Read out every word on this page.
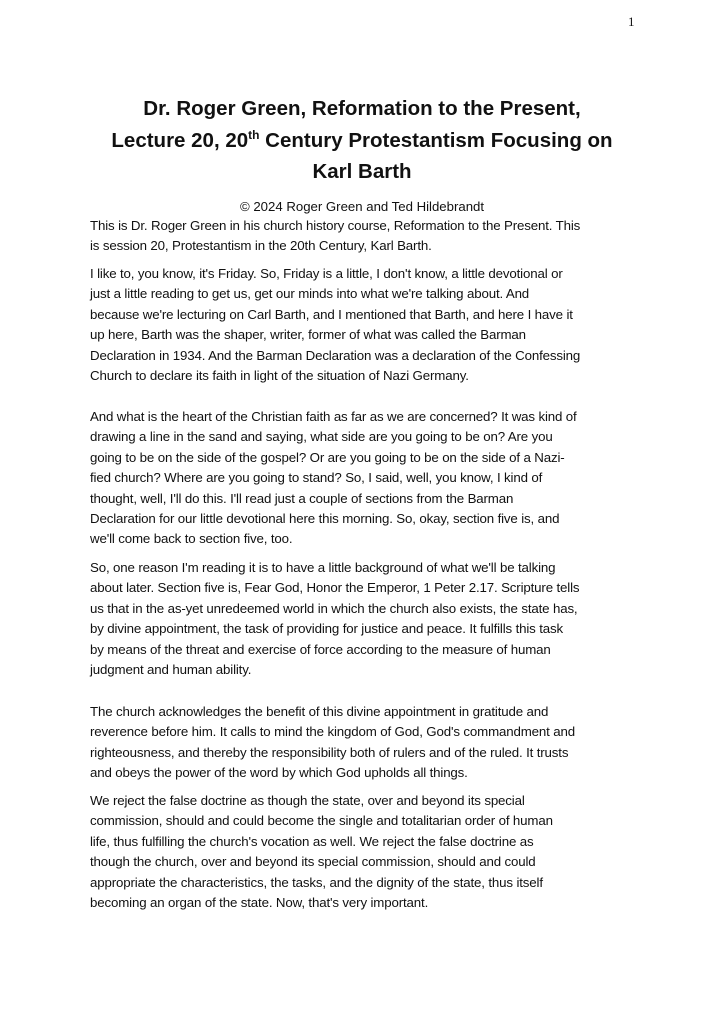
1
Dr. Roger Green, Reformation to the Present,
Lecture 20, 20th Century Protestantism Focusing on
Karl Barth
© 2024 Roger Green and Ted Hildebrandt
This is Dr. Roger Green in his church history course, Reformation to the Present. This
is session 20, Protestantism in the 20th Century, Karl Barth.
I like to, you know, it's Friday. So, Friday is a little, I don't know, a little devotional or
just a little reading to get us, get our minds into what we're talking about. And
because we're lecturing on Carl Barth, and I mentioned that Barth, and here I have it
up here, Barth was the shaper, writer, former of what was called the Barman
Declaration in 1934. And the Barman Declaration was a declaration of the Confessing
Church to declare its faith in light of the situation of Nazi Germany.
And what is the heart of the Christian faith as far as we are concerned? It was kind of
drawing a line in the sand and saying, what side are you going to be on? Are you
going to be on the side of the gospel? Or are you going to be on the side of a Nazi-
fied church? Where are you going to stand? So, I said, well, you know, I kind of
thought, well, I'll do this. I'll read just a couple of sections from the Barman
Declaration for our little devotional here this morning. So, okay, section five is, and
we'll come back to section five, too.
So, one reason I'm reading it is to have a little background of what we'll be talking
about later. Section five is, Fear God, Honor the Emperor, 1 Peter 2.17. Scripture tells
us that in the as-yet unredeemed world in which the church also exists, the state has,
by divine appointment, the task of providing for justice and peace. It fulfills this task
by means of the threat and exercise of force according to the measure of human
judgment and human ability.
The church acknowledges the benefit of this divine appointment in gratitude and
reverence before him. It calls to mind the kingdom of God, God's commandment and
righteousness, and thereby the responsibility both of rulers and of the ruled. It trusts
and obeys the power of the word by which God upholds all things.
We reject the false doctrine as though the state, over and beyond its special
commission, should and could become the single and totalitarian order of human
life, thus fulfilling the church's vocation as well. We reject the false doctrine as
though the church, over and beyond its special commission, should and could
appropriate the characteristics, the tasks, and the dignity of the state, thus itself
becoming an organ of the state. Now, that's very important.
